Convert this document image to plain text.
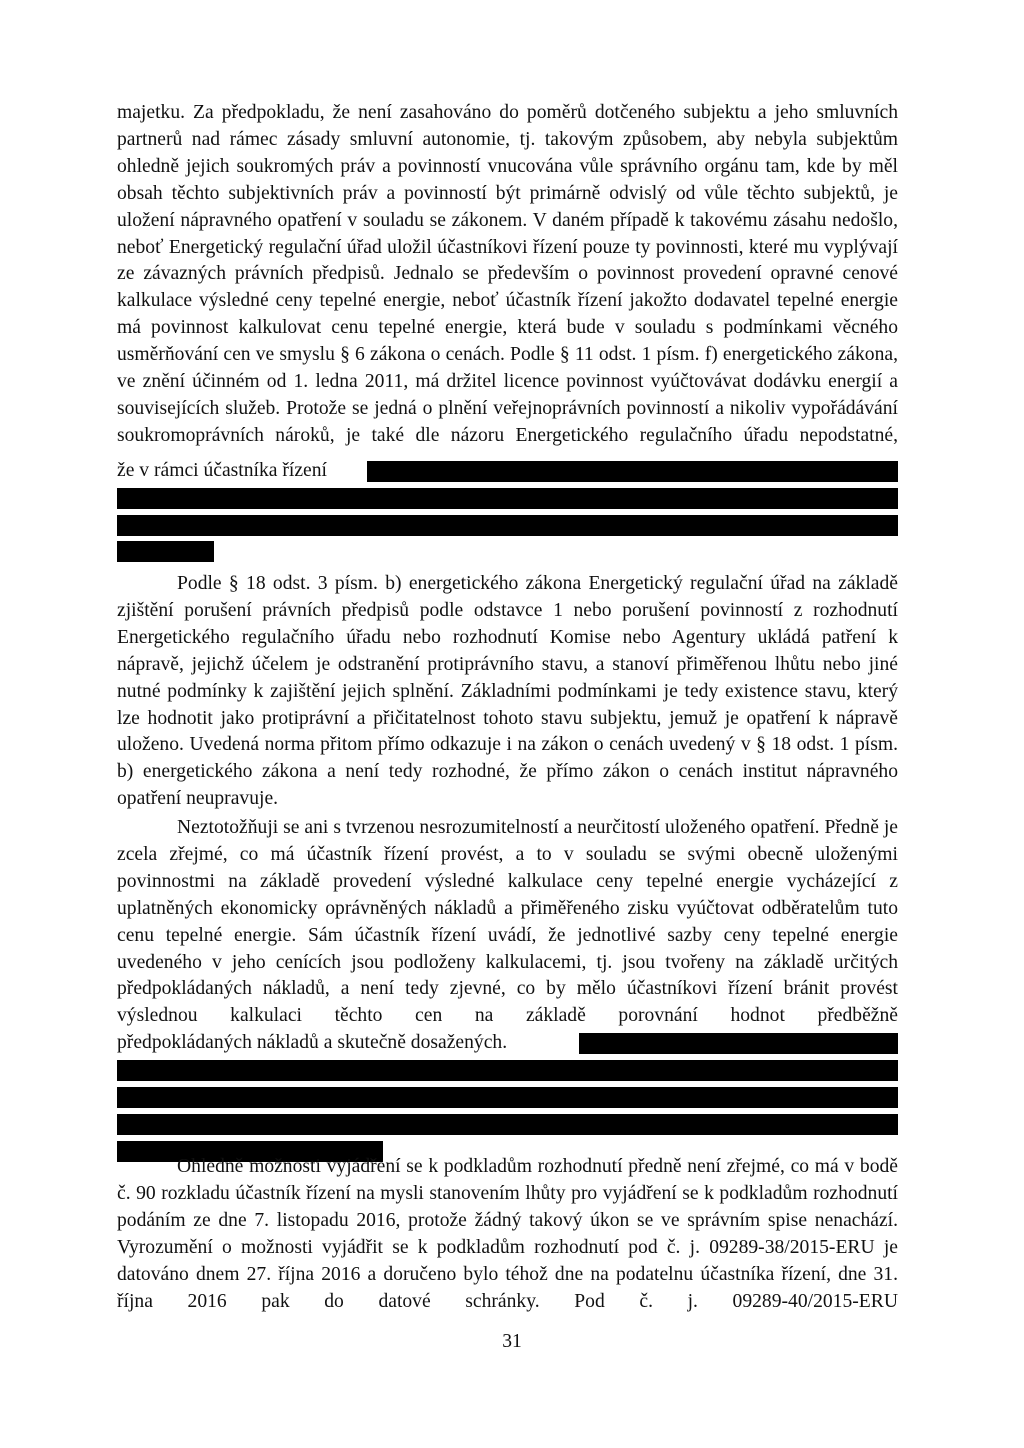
majetku. Za předpokladu, že není zasahováno do poměrů dotčeného subjektu a jeho smluvních partnerů nad rámec zásady smluvní autonomie, tj. takovým způsobem, aby nebyla subjektům ohledně jejich soukromých práv a povinností vnucována vůle správního orgánu tam, kde by měl obsah těchto subjektivních práv a povinností být primárně odvislý od vůle těchto subjektů, je uložení nápravného opatření v souladu se zákonem. V daném případě k takovému zásahu nedošlo, neboť Energetický regulační úřad uložil účastníkovi řízení pouze ty povinnosti, které mu vyplývají ze závazných právních předpisů. Jednalo se především o povinnost provedení opravné cenové kalkulace výsledné ceny tepelné energie, neboť účastník řízení jakožto dodavatel tepelné energie má povinnost kalkulovat cenu tepelné energie, která bude v souladu s podmínkami věcného usměrňování cen ve smyslu § 6 zákona o cenách. Podle § 11 odst. 1 písm. f) energetického zákona, ve znění účinném od 1. ledna 2011, má držitel licence povinnost vyúčtovávat dodávku energií a souvisejících služeb. Protože se jedná o plnění veřejnoprávních povinností a nikoliv vypořádávání soukromoprávních nároků, je také dle názoru Energetického regulačního úřadu nepodstatné,
že v rámci účastníka řízení
Podle § 18 odst. 3 písm. b) energetického zákona Energetický regulační úřad na základě zjištění porušení právních předpisů podle odstavce 1 nebo porušení povinností z rozhodnutí Energetického regulačního úřadu nebo rozhodnutí Komise nebo Agentury ukládá patření k nápravě, jejichž účelem je odstranění protiprávního stavu, a stanoví přiměřenou lhůtu nebo jiné nutné podmínky k zajištění jejich splnění. Základními podmínkami je tedy existence stavu, který lze hodnotit jako protiprávní a přičitatelnost tohoto stavu subjektu, jemuž je opatření k nápravě uloženo. Uvedená norma přitom přímo odkazuje i na zákon o cenách uvedený v § 18 odst. 1 písm. b) energetického zákona a není tedy rozhodné, že přímo zákon o cenách institut nápravného opatření neupravuje.
Neztotožňuji se ani s tvrzenou nesrozumitelností a neurčitostí uloženého opatření. Předně je zcela zřejmé, co má účastník řízení provést, a to v souladu se svými obecně uloženými povinnostmi na základě provedení výsledné kalkulace ceny tepelné energie vycházející z uplatněných ekonomicky oprávněných nákladů a přiměřeného zisku vyúčtovat odběratelům tuto cenu tepelné energie. Sám účastník řízení uvádí, že jednotlivé sazby ceny tepelné energie uvedeného v jeho cenících jsou podloženy kalkulacemi, tj. jsou tvořeny na základě určitých předpokládaných nákladů, a není tedy zjevné, co by mělo účastníkovi řízení bránit provést výslednou kalkulaci těchto cen na základě porovnání hodnot předběžně
předpokládaných nákladů a skutečně dosažených.
Ohledně možnosti vyjádření se k podkladům rozhodnutí předně není zřejmé, co má v bodě č. 90 rozkladu účastník řízení na mysli stanovením lhůty pro vyjádření se k podkladům rozhodnutí podáním ze dne 7. listopadu 2016, protože žádný takový úkon se ve správním spise nenachází. Vyrozumění o možnosti vyjádřit se k podkladům rozhodnutí pod č. j. 09289-38/2015-ERU je datováno dnem 27. října 2016 a doručeno bylo téhož dne na podatelnu účastníka řízení, dne 31. října 2016 pak do datové schránky. Pod č. j. 09289-40/2015-ERU
31
